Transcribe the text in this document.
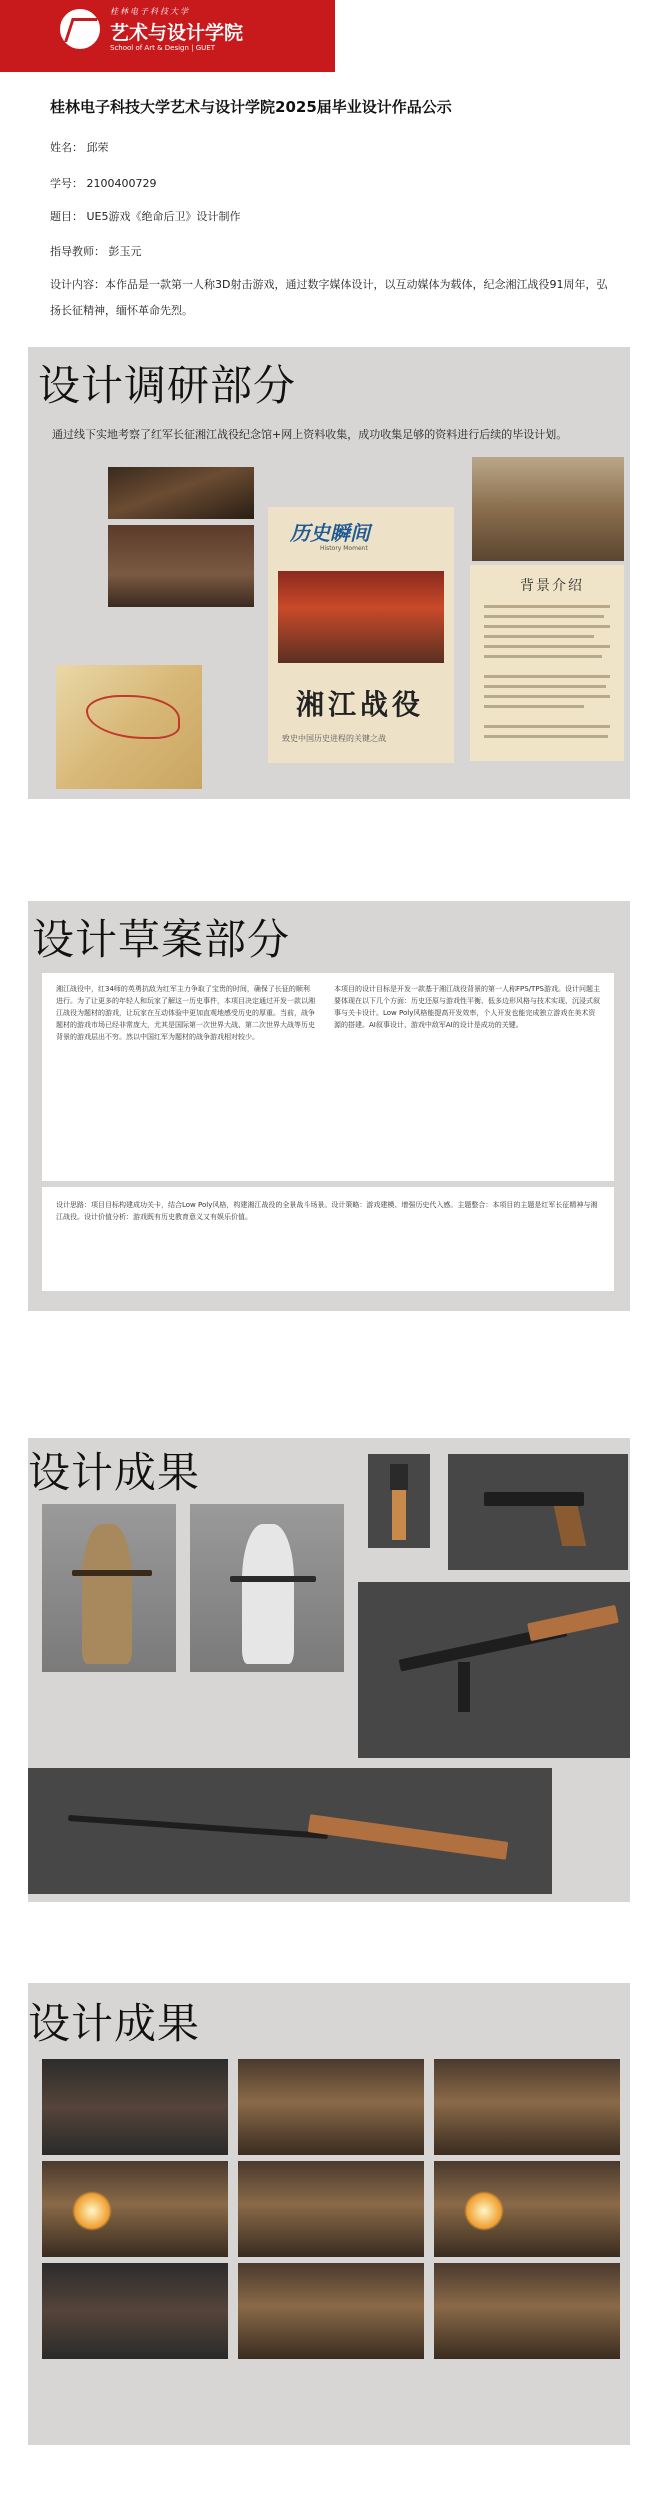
桂林电子科技大学
艺术与设计学院
School of Art & Design | GUET
桂林电子科技大学艺术与设计学院2025届毕业设计作品公示
姓名： 邱荣
学号： 2100400729
题目： UE5游戏《绝命后卫》设计制作
指导教师： 彭玉元
设计内容：本作品是一款第一人称3D射击游戏，通过数字媒体设计，以互动媒体为载体，纪念湘江战役91周年，弘扬长征精神，缅怀革命先烈。
设计调研部分
通过线下实地考察了红军长征湘江战役纪念馆+网上资料收集，成功收集足够的资料进行后续的毕设计划。
历史瞬间
History Moment
湘江战役
致史中国历史进程的关键之战
背景介绍
设计草案部分
湘江战役中，红34师的英勇抗敌为红军主力争取了宝贵的时间，确保了长征的顺利进行。为了让更多的年轻人和玩家了解这一历史事件，本项目决定通过开发一款以湘江战役为题材的游戏，让玩家在互动体验中更加直观地感受历史的厚重。当前，战争题材的游戏市场已经非常庞大，尤其是国际第一次世界大战、第二次世界大战等历史背景的游戏层出不穷。然以中国红军为题材的战争游戏相对较少。
本项目的设计目标是开发一款基于湘江战役背景的第一人称FPS/TPS游戏。设计问题主要体现在以下几个方面：历史还原与游戏性平衡、低多边形风格与技术实现、沉浸式叙事与关卡设计。Low Poly风格能提高开发效率，个人开发也能完成独立游戏在美术资源的搭建。AI叙事设计、游戏中敌军AI的设计是成功的关键。
设计思路：项目目标构建成功关卡，结合Low Poly风格，构建湘江战役的全景战斗场景。设计策略：游戏建模、增强历史代入感。主题整合：本项目的主题是红军长征精神与湘江战役。设计价值分析：游戏既有历史教育意义又有娱乐价值。
设计成果
设计成果
